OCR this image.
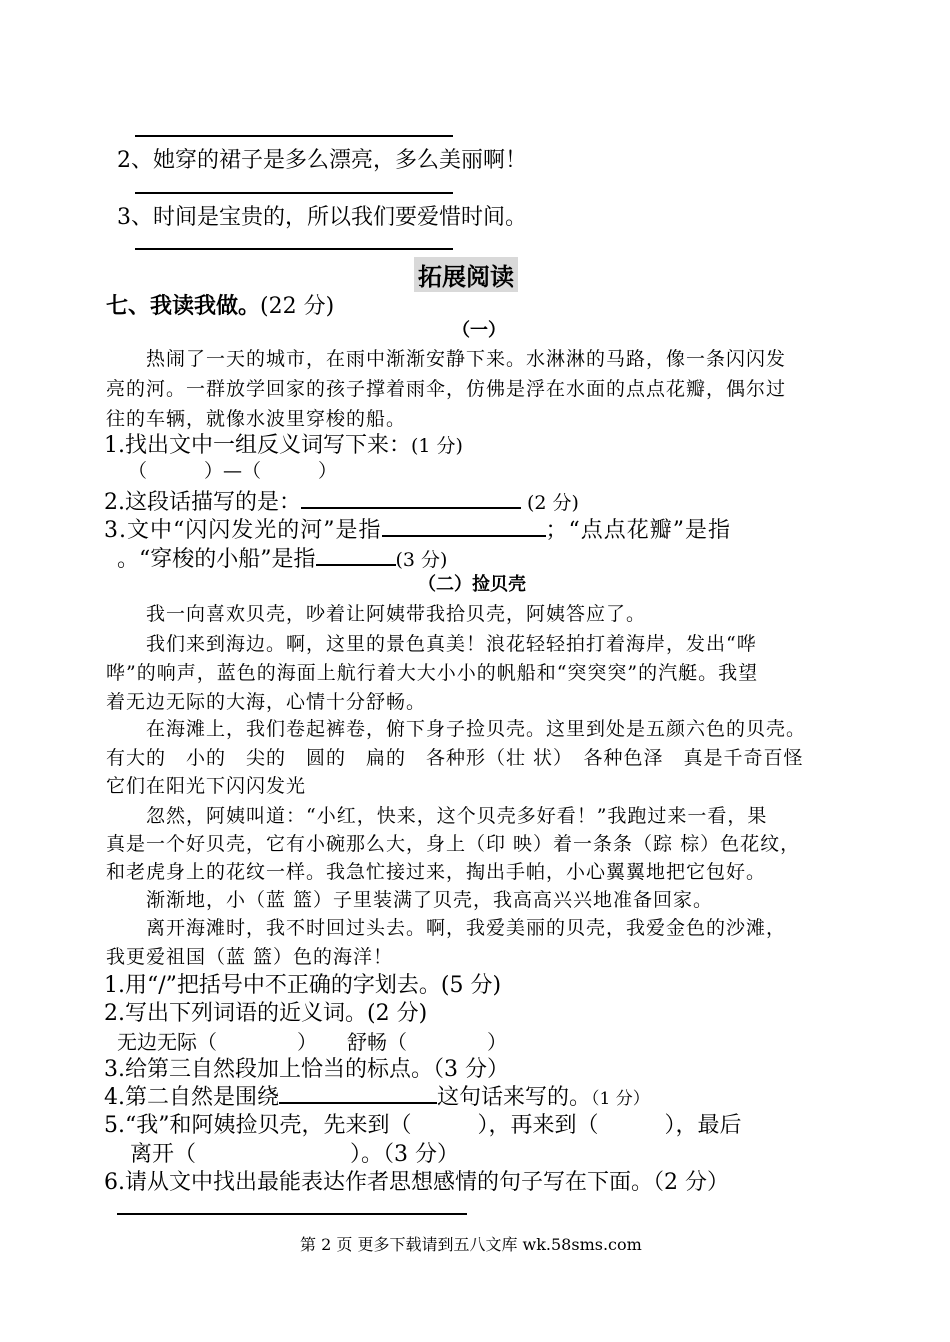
2、她穿的裙子是多么漂亮，多么美丽啊！
3、时间是宝贵的，所以我们要爱惜时间。
拓展阅读
七、我读我做。(22 分)
（一）
热闹了一天的城市，在雨中渐渐安静下来。水淋淋的马路，像一条闪闪发
亮的河。一群放学回家的孩子撑着雨伞，仿佛是浮在水面的点点花瓣，偶尔过
往的车辆，就像水波里穿梭的船。
1.找出文中一组反义词写下来：(1 分)
（　　　）—（　　　）
2.这段话描写的是：	(2 分)
3.文中“闪闪发光的河”是指	；“点点花瓣”是指
。“穿梭的小船”是指	(3 分)
（二）捡贝壳
我一向喜欢贝壳，吵着让阿姨带我拾贝壳，阿姨答应了。
我们来到海边。啊，这里的景色真美！浪花轻轻拍打着海岸，发出“哗
哗”的响声，蓝色的海面上航行着大大小小的帆船和“突突突”的汽艇。我望
着无边无际的大海，心情十分舒畅。
在海滩上，我们卷起裤卷，俯下身子捡贝壳。这里到处是五颜六色的贝壳。
有大的　小的　尖的　圆的　扁的　各种形（壮 状）　各种色泽　真是千奇百怪
它们在阳光下闪闪发光
忽然，阿姨叫道：“小红，快来，这个贝壳多好看！”我跑过来一看，果
真是一个好贝壳，它有小碗那么大，身上（印 映）着一条条（踪 棕）色花纹，
和老虎身上的花纹一样。我急忙接过来，掏出手帕，小心翼翼地把它包好。
渐渐地，小（蓝 篮）子里装满了贝壳，我高高兴兴地准备回家。
离开海滩时，我不时回过头去。啊，我爱美丽的贝壳，我爱金色的沙滩，
我更爱祖国（蓝 篮）色的海洋！
1.用“/”把括号中不正确的字划去。(5 分)
2.写出下列词语的近义词。(2 分)
无边无际（　　　　）　　舒畅（　　　　）
3.给第三自然段加上恰当的标点。（3 分）
4.第二自然是围绕	这句话来写的。（1 分）
5.“我”和阿姨捡贝壳，先来到（　　　），再来到（　　　），最后
离开（　　　　　　　）。（3 分）
6.请从文中找出最能表达作者思想感情的句子写在下面。（2 分）
第 2 页 更多下载请到五八文库 wk.58sms.com
